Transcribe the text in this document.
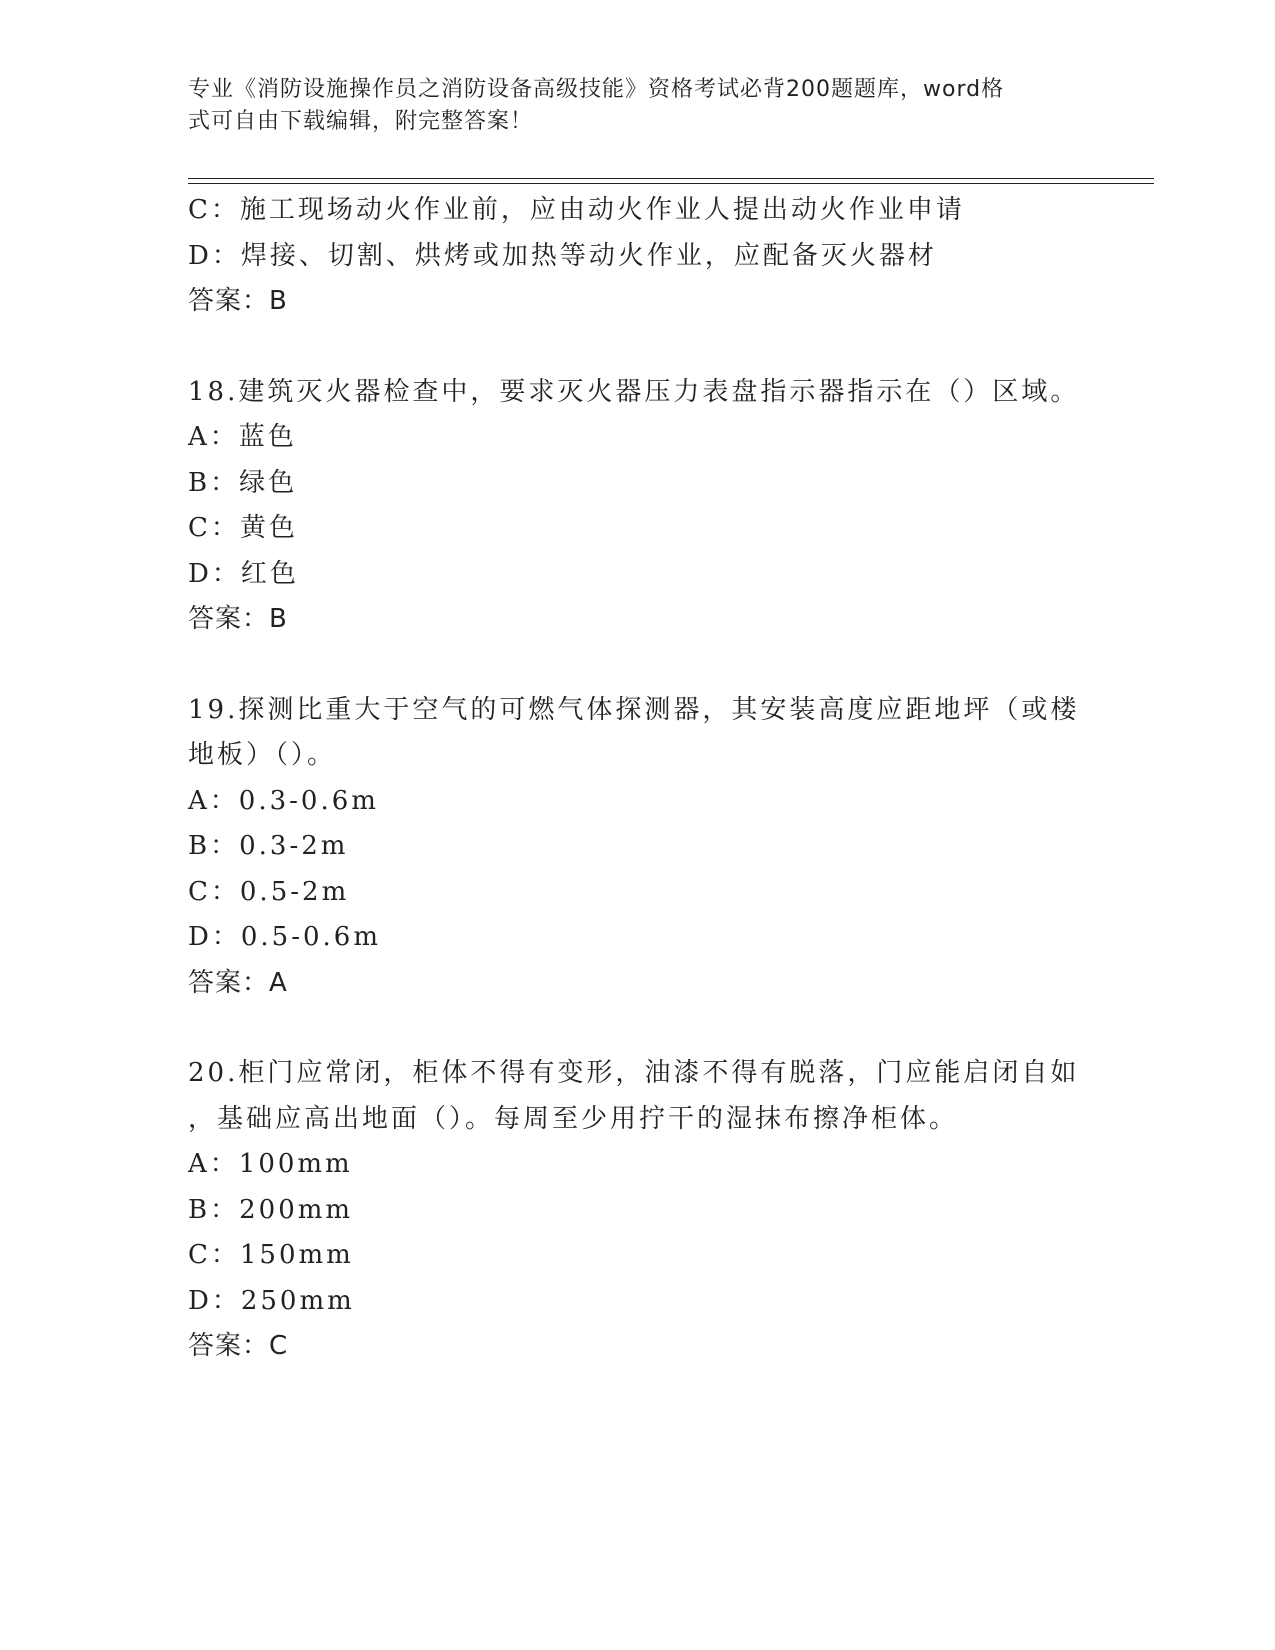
专业《消防设施操作员之消防设备高级技能》资格考试必背200题题库，word格
式可自由下载编辑，附完整答案！
C：施工现场动火作业前，应由动火作业人提出动火作业申请
D：焊接、切割、烘烤或加热等动火作业，应配备灭火器材
答案：B
18.建筑灭火器检查中，要求灭火器压力表盘指示器指示在（）区域。
A：蓝色
B：绿色
C：黄色
D：红色
答案：B
19.探测比重大于空气的可燃气体探测器，其安装高度应距地坪（或楼
地板）（）。
A：0.3-0.6m
B：0.3-2m
C：0.5-2m
D：0.5-0.6m
答案：A
20.柜门应常闭，柜体不得有变形，油漆不得有脱落，门应能启闭自如
，基础应高出地面（）。每周至少用拧干的湿抹布擦净柜体。
A：100mm
B：200mm
C：150mm
D：250mm
答案：C
